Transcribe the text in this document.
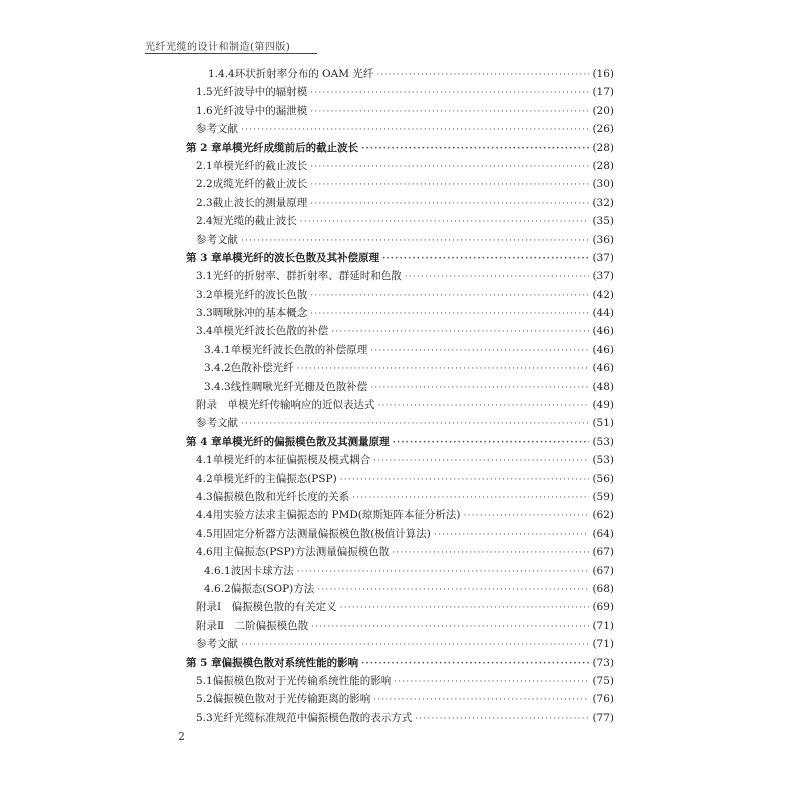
光纤光缆的设计和制造(第四版)
1.4.4 环状折射率分布的 OAM 光纤 ·····	(16)
1.5 光纤波导中的辐射模 ·····	(17)
1.6 光纤波导中的漏泄模 ·····	(20)
参考文献 ·····	(26)
第 2 章 单模光纤成缆前后的截止波长 ·····	(28)
2.1 单模光纤的截止波长 ·····	(28)
2.2 成缆光纤的截止波长 ·····	(30)
2.3 截止波长的测量原理 ·····	(32)
2.4 短光缆的截止波长 ·····	(35)
参考文献 ·····	(36)
第 3 章 单模光纤的波长色散及其补偿原理 ·····	(37)
3.1 光纤的折射率、群折射率、群延时和色散 ·····	(37)
3.2 单模光纤的波长色散 ·····	(42)
3.3 啁啾脉冲的基本概念 ·····	(44)
3.4 单模光纤波长色散的补偿 ·····	(46)
3.4.1 单模光纤波长色散的补偿原理 ·····	(46)
3.4.2 色散补偿光纤 ·····	(46)
3.4.3 线性啁啾光纤光栅及色散补偿 ·····	(48)
附录　单模光纤传输响应的近似表达式 ·····	(49)
参考文献 ·····	(51)
第 4 章 单模光纤的偏振模色散及其测量原理 ·····	(53)
4.1 单模光纤的本征偏振模及模式耦合 ·····	(53)
4.2 单模光纤的主偏振态(PSP) ·····	(56)
4.3 偏振模色散和光纤长度的关系 ·····	(59)
4.4 用实验方法求主偏振态的 PMD(琼斯矩阵本征分析法) ·····	(62)
4.5 用固定分析器方法测量偏振模色散(极值计算法) ·····	(64)
4.6 用主偏振态(PSP)方法测量偏振模色散 ·····	(67)
4.6.1 波因卡球方法 ·····	(67)
4.6.2 偏振态(SOP)方法 ·····	(68)
附录Ⅰ　偏振模色散的有关定义 ·····	(69)
附录Ⅱ　二阶偏振模色散 ·····	(71)
参考文献 ·····	(71)
第 5 章 偏振模色散对系统性能的影响 ·····	(73)
5.1 偏振模色散对于光传输系统性能的影响 ·····	(75)
5.2 偏振模色散对于光传输距离的影响 ·····	(76)
5.3 光纤光缆标准规范中偏振模色散的表示方式 ·····	(77)
2
